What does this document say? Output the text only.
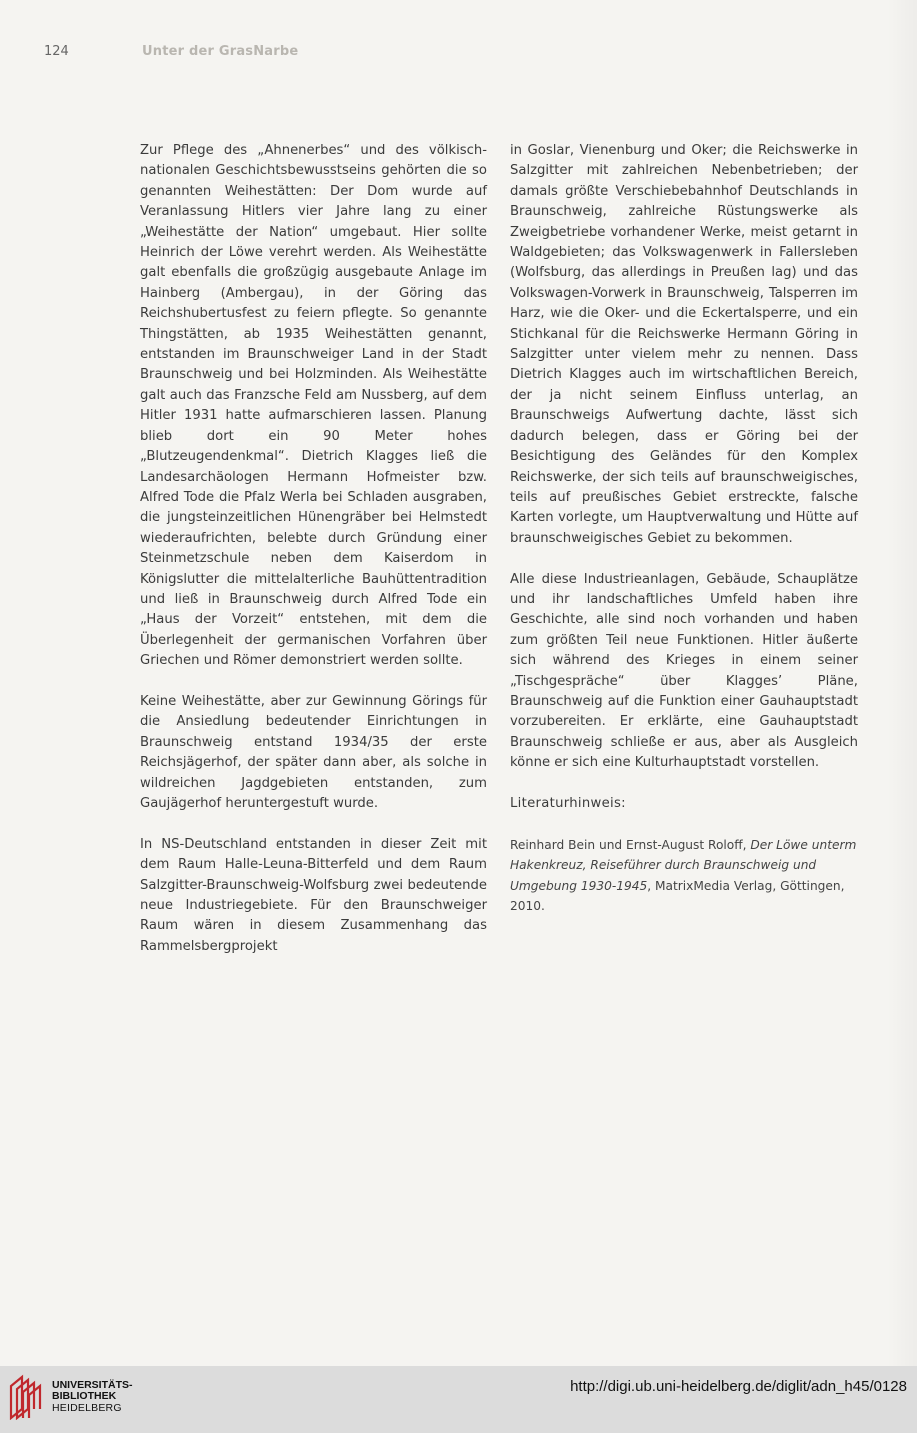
124	Unter der GrasNarbe

Zur Pflege des „Ahnenerbes“ und des völkisch-nationalen Geschichtsbewusstseins gehörten die so genannten Weihestätten: Der Dom wurde auf Veranlassung Hitlers vier Jahre lang zu einer „Weihestätte der Nation“ umgebaut. Hier sollte Heinrich der Löwe verehrt werden. Als Weihestätte galt ebenfalls die großzügig ausgebaute Anlage im Hainberg (Ambergau), in der Göring das Reichshubertusfest zu feiern pflegte. So genannte Thingstätten, ab 1935 Weihestätten genannt, entstanden im Braunschweiger Land in der Stadt Braunschweig und bei Holzminden. Als Weihestätte galt auch das Franzsche Feld am Nussberg, auf dem Hitler 1931 hatte aufmarschieren lassen. Planung blieb dort ein 90 Meter hohes „Blutzeugendenkmal“. Dietrich Klagges ließ die Landesarchäologen Hermann Hofmeister bzw. Alfred Tode die Pfalz Werla bei Schladen ausgraben, die jungsteinzeitlichen Hünengräber bei Helmstedt wiederaufrichten, belebte durch Gründung einer Steinmetzschule neben dem Kaiserdom in Königslutter die mittelalterliche Bauhüttentradition und ließ in Braunschweig durch Alfred Tode ein „Haus der Vorzeit“ entstehen, mit dem die Überlegenheit der germanischen Vorfahren über Griechen und Römer demonstriert werden sollte.

Keine Weihestätte, aber zur Gewinnung Görings für die Ansiedlung bedeutender Einrichtungen in Braunschweig entstand 1934/35 der erste Reichsjägerhof, der später dann aber, als solche in wildreichen Jagdgebieten entstanden, zum Gaujägerhof heruntergestuft wurde.

In NS-Deutschland entstanden in dieser Zeit mit dem Raum Halle-Leuna-Bitterfeld und dem Raum Salzgitter-Braunschweig-Wolfsburg zwei bedeutende neue Industriegebiete. Für den Braunschweiger Raum wären in diesem Zusammenhang das Rammelsbergprojekt

in Goslar, Vienenburg und Oker; die Reichswerke in Salzgitter mit zahlreichen Nebenbetrieben; der damals größte Verschiebebahnhof Deutschlands in Braunschweig, zahlreiche Rüstungswerke als Zweigbetriebe vorhandener Werke, meist getarnt in Waldgebieten; das Volkswagenwerk in Fallersleben (Wolfsburg, das allerdings in Preußen lag) und das Volkswagen-Vorwerk in Braunschweig, Talsperren im Harz, wie die Oker- und die Eckertalsperre, und ein Stichkanal für die Reichswerke Hermann Göring in Salzgitter unter vielem mehr zu nennen. Dass Dietrich Klagges auch im wirtschaftlichen Bereich, der ja nicht seinem Einfluss unterlag, an Braunschweigs Aufwertung dachte, lässt sich dadurch belegen, dass er Göring bei der Besichtigung des Geländes für den Komplex Reichswerke, der sich teils auf braunschweigisches, teils auf preußisches Gebiet erstreckte, falsche Karten vorlegte, um Hauptverwaltung und Hütte auf braunschweigisches Gebiet zu bekommen.

Alle diese Industrieanlagen, Gebäude, Schauplätze und ihr landschaftliches Umfeld haben ihre Geschichte, alle sind noch vorhanden und haben zum größten Teil neue Funktionen. Hitler äußerte sich während des Krieges in einem seiner „Tischgespräche“ über Klagges’ Pläne, Braunschweig auf die Funktion einer Gauhauptstadt vorzubereiten. Er erklärte, eine Gauhauptstadt Braunschweig schließe er aus, aber als Ausgleich könne er sich eine Kulturhauptstadt vorstellen.

Literaturhinweis:
Reinhard Bein und Ernst-August Roloff, Der Löwe unterm Hakenkreuz, Reiseführer durch Braunschweig und Umgebung 1930-1945, MatrixMedia Verlag, Göttingen, 2010.
UNIVERSITÄTS-
BIBLIOTHEK
HEIDELBERG
http://digi.ub.uni-heidelberg.de/diglit/adn_h45/0128
